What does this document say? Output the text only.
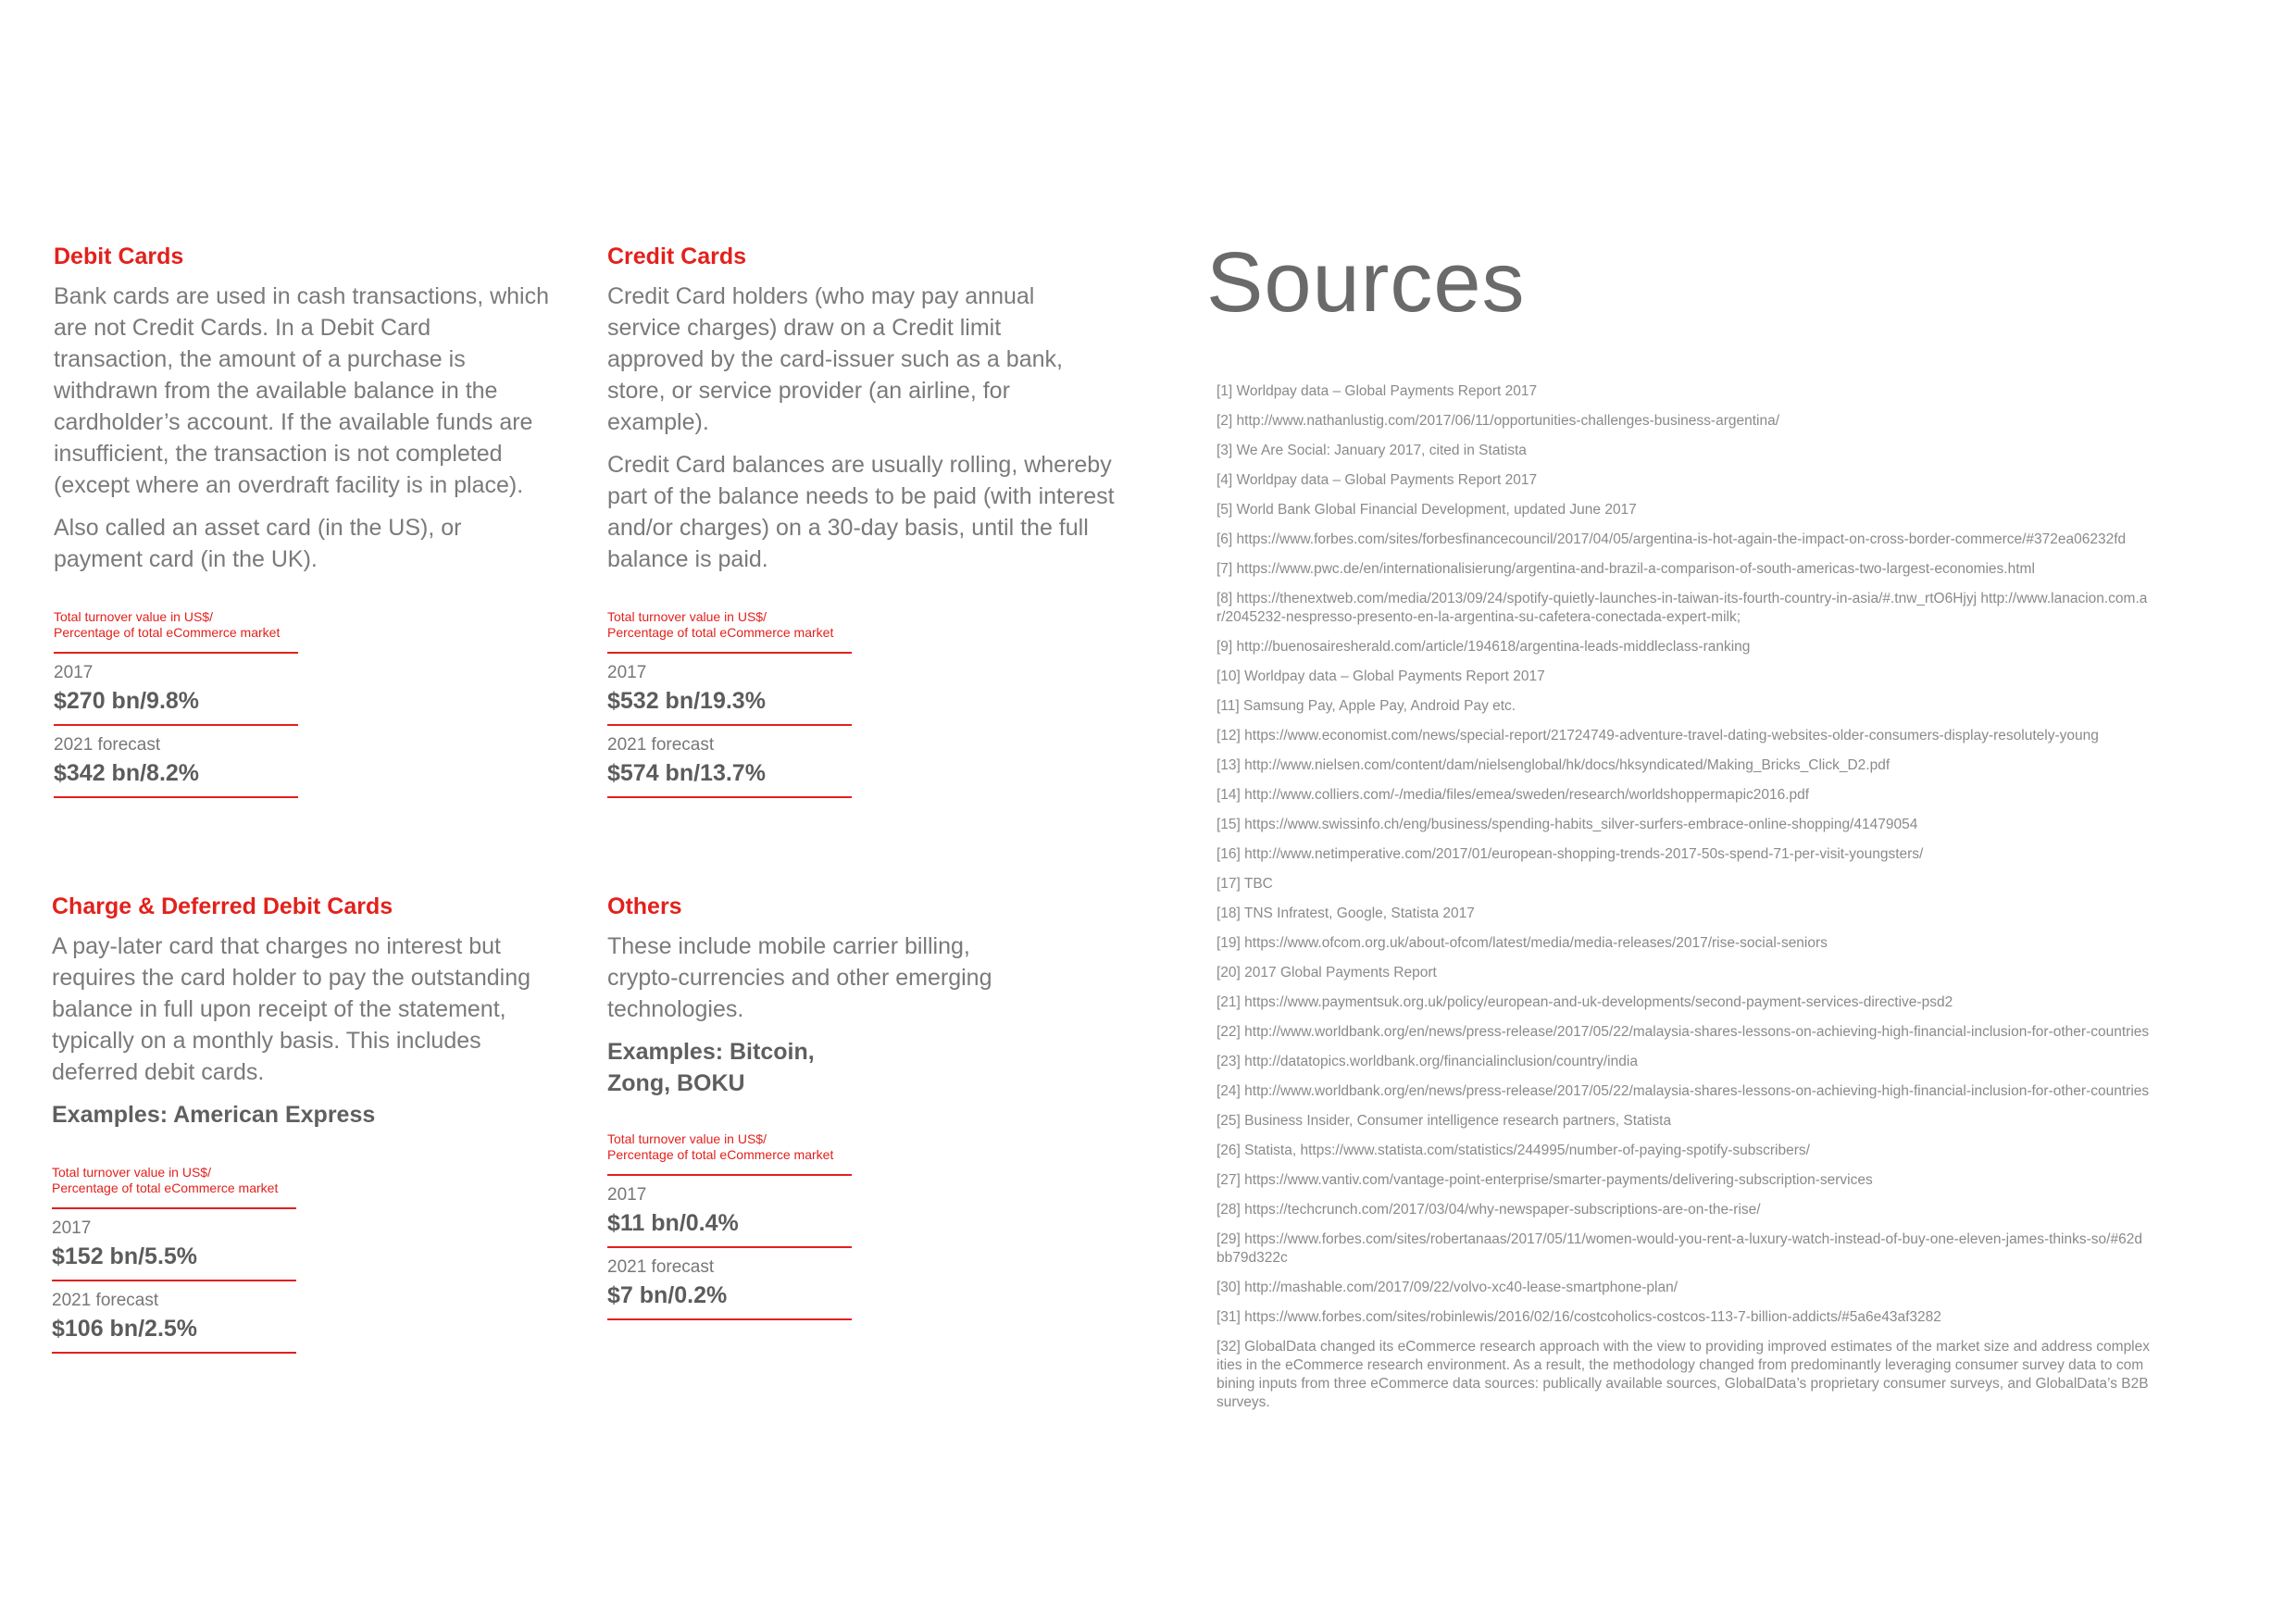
Debit Cards

Bank cards are used in cash transactions, which are not Credit Cards. In a Debit Card transaction, the amount of a purchase is withdrawn from the available balance in the cardholder’s account. If the available funds are insufficient, the transaction is not completed (except where an overdraft facility is in place).

Also called an asset card (in the US), or payment card (in the UK).

Total turnover value in US$/

Percentage of total eCommerce market

2017

$270 bn/9.8%

2021 forecast

$342 bn/8.2%

Credit Cards

Credit Card holders (who may pay annual service charges) draw on a Credit limit approved by the card-issuer such as a bank, store, or service provider (an airline, for example).

Credit Card balances are usually rolling, whereby part of the balance needs to be paid (with interest and/or charges) on a 30-day basis, until the full balance is paid.

Total turnover value in US$/

Percentage of total eCommerce market

2017

$532 bn/19.3%

2021 forecast

$574 bn/13.7%

Charge & Deferred Debit Cards

A pay-later card that charges no interest but requires the card holder to pay the outstanding balance in full upon receipt of the statement, typically on a monthly basis. This includes deferred debit cards.

Examples: American Express

Total turnover value in US$/

Percentage of total eCommerce market

2017

$152 bn/5.5%

2021 forecast

$106 bn/2.5%

Others

These include mobile carrier billing, crypto-currencies and other emerging technologies.

Examples: Bitcoin, Zong, BOKU

Total turnover value in US$/

Percentage of total eCommerce market

2017

$11 bn/0.4%

2021 forecast

$7 bn/0.2%

Sources
[1] Worldpay data – Global Payments Report 2017
[2] http://www.nathanlustig.com/2017/06/11/opportunities-challenges-business-argentina/
[3] We Are Social: January 2017, cited in Statista
[4] Worldpay data – Global Payments Report 2017
[5] World Bank Global Financial Development, updated June 2017
[6] https://www.forbes.com/sites/forbesfinancecouncil/2017/04/05/argentina-is-hot-again-the-impact-on-cross-border-commerce/#372ea06232fd
[7] https://www.pwc.de/en/internationalisierung/argentina-and-brazil-a-comparison-of-south-americas-two-largest-economies.html
[8] https://thenextweb.com/media/2013/09/24/spotify-quietly-launches-in-taiwan-its-fourth-country-in-asia/#.tnw_rtO6Hjyj http://www.lanacion.com.ar/2045232-nespresso-presento-en-la-argentina-su-cafetera-conectada-expert-milk;
[9] http://buenosairesherald.com/article/194618/argentina-leads-middleclass-ranking
[10] Worldpay data – Global Payments Report 2017
[11] Samsung Pay, Apple Pay, Android Pay etc.
[12] https://www.economist.com/news/special-report/21724749-adventure-travel-dating-websites-older-consumers-display-resolutely-young
[13] http://www.nielsen.com/content/dam/nielsenglobal/hk/docs/hksyndicated/Making_Bricks_Click_D2.pdf
[14] http://www.colliers.com/-/media/files/emea/sweden/research/worldshoppermapic2016.pdf
[15] https://www.swissinfo.ch/eng/business/spending-habits_silver-surfers-embrace-online-shopping/41479054
[16] http://www.netimperative.com/2017/01/european-shopping-trends-2017-50s-spend-71-per-visit-youngsters/
[17] TBC
[18] TNS Infratest, Google, Statista 2017
[19] https://www.ofcom.org.uk/about-ofcom/latest/media/media-releases/2017/rise-social-seniors
[20] 2017 Global Payments Report
[21] https://www.paymentsuk.org.uk/policy/european-and-uk-developments/second-payment-services-directive-psd2
[22] http://www.worldbank.org/en/news/press-release/2017/05/22/malaysia-shares-lessons-on-achieving-high-financial-inclusion-for-other-countries
[23] http://datatopics.worldbank.org/financialinclusion/country/india
[24] http://www.worldbank.org/en/news/press-release/2017/05/22/malaysia-shares-lessons-on-achieving-high-financial-inclusion-for-other-countries
[25] Business Insider, Consumer intelligence research partners, Statista
[26] Statista, https://www.statista.com/statistics/244995/number-of-paying-spotify-subscribers/
[27] https://www.vantiv.com/vantage-point-enterprise/smarter-payments/delivering-subscription-services
[28] https://techcrunch.com/2017/03/04/why-newspaper-subscriptions-are-on-the-rise/
[29] https://www.forbes.com/sites/robertanaas/2017/05/11/women-would-you-rent-a-luxury-watch-instead-of-buy-one-eleven-james-thinks-so/#62dbb79d322c
[30] http://mashable.com/2017/09/22/volvo-xc40-lease-smartphone-plan/
[31] https://www.forbes.com/sites/robinlewis/2016/02/16/costcoholics-costcos-113-7-billion-addicts/#5a6e43af3282
[32] GlobalData changed its eCommerce research approach with the view to providing improved estimates of the market size and address complexities in the eCommerce research environment. As a result, the methodology changed from predominantly leveraging consumer survey data to combining inputs from three eCommerce data sources: publically available sources, GlobalData’s proprietary consumer surveys, and GlobalData’s B2B surveys.
